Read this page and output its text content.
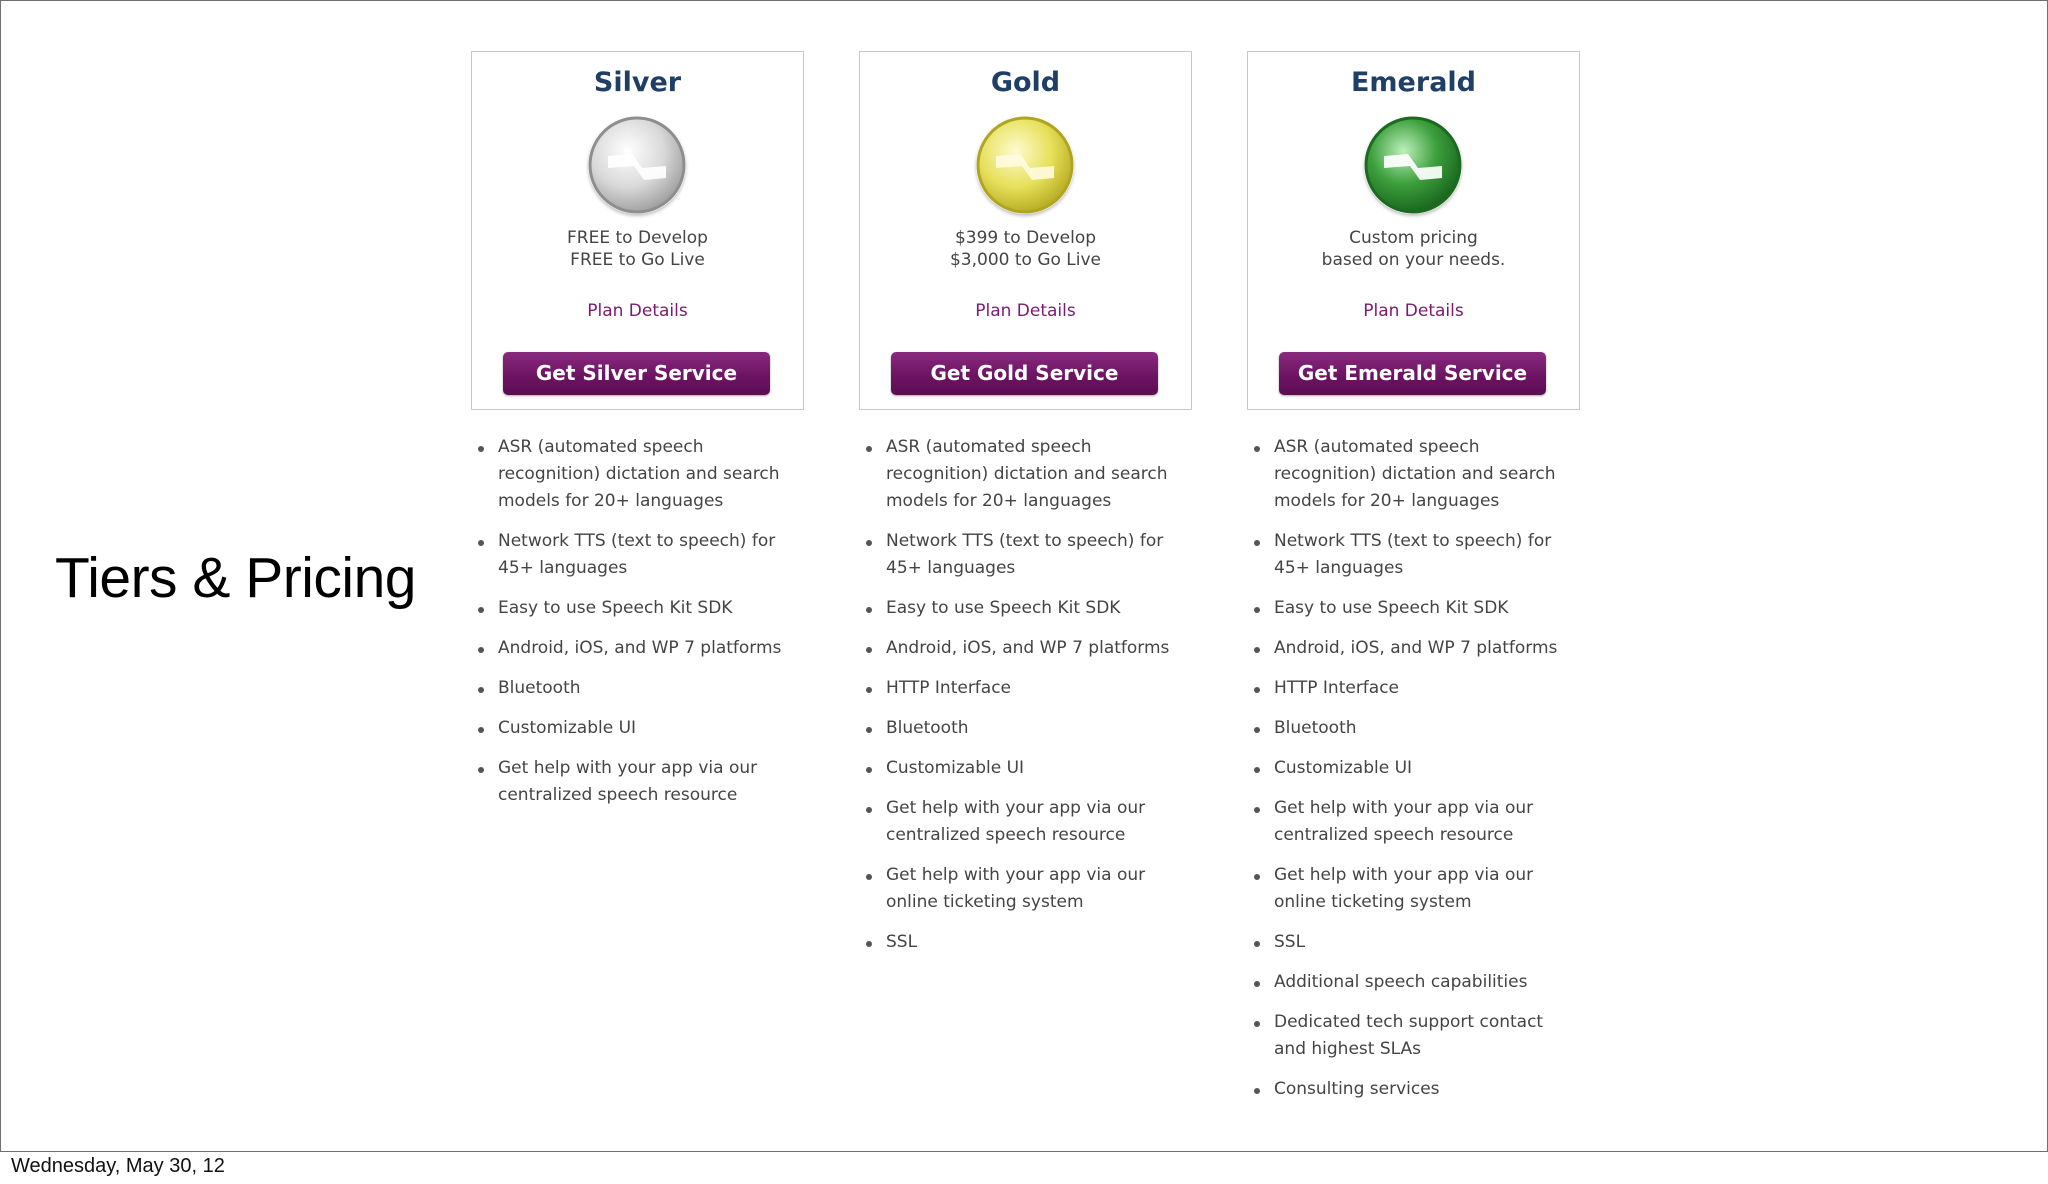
Tiers & Pricing
Silver
FREE to Develop
FREE to Go Live
Plan Details
Get Silver Service
ASR (automated speech recognition) dictation and search models for 20+ languages
Network TTS (text to speech) for 45+ languages
Easy to use Speech Kit SDK
Android, iOS, and WP 7 platforms
Bluetooth
Customizable UI
Get help with your app via our centralized speech resource
Gold
$399 to Develop
$3,000 to Go Live
Plan Details
Get Gold Service
ASR (automated speech recognition) dictation and search models for 20+ languages
Network TTS (text to speech) for 45+ languages
Easy to use Speech Kit SDK
Android, iOS, and WP 7 platforms
HTTP Interface
Bluetooth
Customizable UI
Get help with your app via our centralized speech resource
Get help with your app via our online ticketing system
SSL
Emerald
Custom pricing
based on your needs.
Plan Details
Get Emerald Service
ASR (automated speech recognition) dictation and search models for 20+ languages
Network TTS (text to speech) for 45+ languages
Easy to use Speech Kit SDK
Android, iOS, and WP 7 platforms
HTTP Interface
Bluetooth
Customizable UI
Get help with your app via our centralized speech resource
Get help with your app via our online ticketing system
SSL
Additional speech capabilities
Dedicated tech support contact and highest SLAs
Consulting services
Wednesday, May 30, 12
